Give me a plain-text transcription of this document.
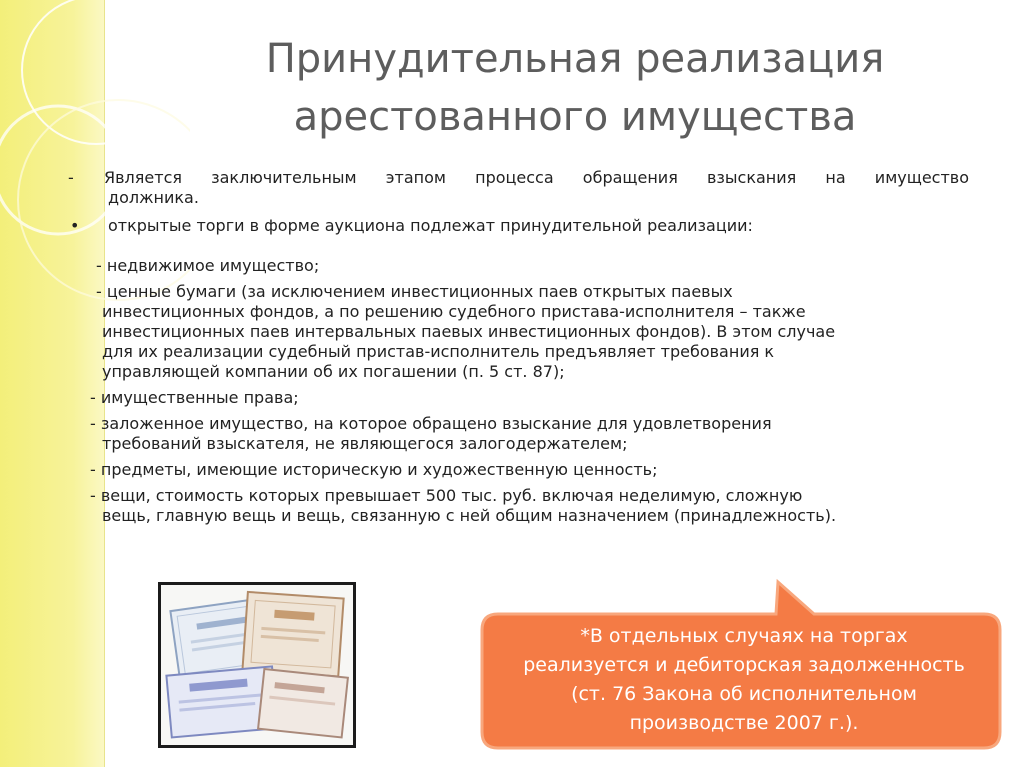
Принудительная реализация
арестованного имущества
- Является заключительным этапом процесса обращения взыскания на имущество
должника.
• открытые торги в форме аукциона подлежат принудительной реализации:
- недвижимое имущество;
- ценные бумаги (за исключением инвестиционных паев открытых паевых
инвестиционных фондов, а по решению судебного пристава-исполнителя – также
инвестиционных паев интервальных паевых инвестиционных фондов). В этом случае
для их реализации судебный пристав-исполнитель предъявляет требования к
управляющей компании об их погашении (п. 5 ст. 87);
- имущественные права;
- заложенное имущество, на которое обращено взыскание для удовлетворения
требований взыскателя, не являющегося залогодержателем;
- предметы, имеющие историческую и художественную ценность;
- вещи, стоимость которых превышает 500 тыс. руб. включая неделимую, сложную
вещь, главную вещь и вещь, связанную с ней общим назначением (принадлежность).
*В отдельных случаях на торгах
реализуется и дебиторская задолженность
(ст. 76 Закона об исполнительном
производстве 2007 г.).
